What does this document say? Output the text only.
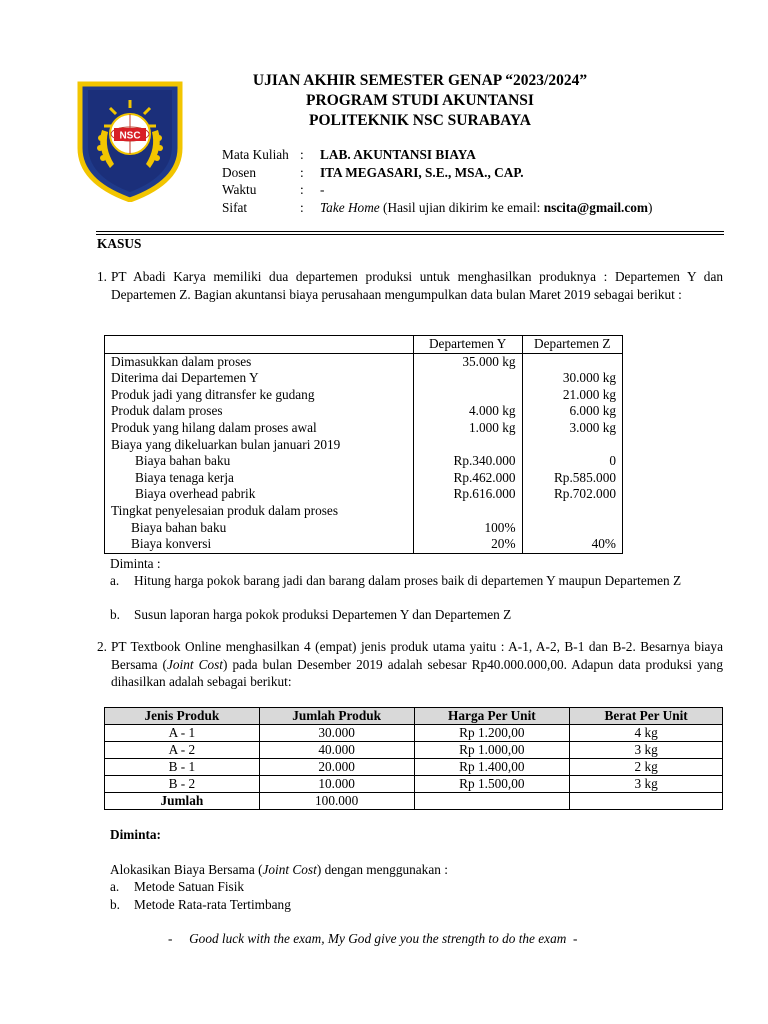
NSC
UJIAN AKHIR SEMESTER GENAP “2023/2024”
PROGRAM STUDI AKUNTANSI
POLITEKNIK NSC SURABAYA
Mata Kuliah : LAB. AKUNTANSI BIAYA
Dosen	: ITA MEGASARI, S.E., MSA., CAP.
Waktu	: -
Sifat	: Take Home (Hasil ujian dikirim ke email: nscita@gmail.com)
KASUS
1. PT Abadi Karya memiliki dua departemen produksi untuk menghasilkan produknya : Departemen Y dan Departemen Z. Bagian akuntansi biaya perusahaan mengumpulkan data bulan Maret 2019 sebagai berikut :
	Departemen Y	Departemen Z
Dimasukkan dalam proses	35.000 kg	
Diterima dai Departemen Y		30.000 kg
Produk jadi yang ditransfer ke gudang		21.000 kg
Produk dalam proses	4.000 kg	6.000 kg
Produk yang hilang dalam proses awal	1.000 kg	3.000 kg
Biaya yang dikeluarkan bulan januari 2019		
Biaya bahan baku	Rp.340.000	0
Biaya tenaga kerja	Rp.462.000	Rp.585.000
Biaya overhead pabrik	Rp.616.000	Rp.702.000
Tingkat penyelesaian produk dalam proses		
Biaya bahan baku	100%	
Biaya konversi	20%	40%
Diminta :
a. Hitung harga pokok barang jadi dan barang dalam proses baik di departemen Y maupun Departemen Z
b. Susun laporan harga pokok produksi Departemen Y dan Departemen Z
2. PT Textbook Online menghasilkan 4 (empat) jenis produk utama yaitu : A-1, A-2, B-1 dan B-2. Besarnya biaya Bersama (Joint Cost) pada bulan Desember 2019 adalah sebesar Rp40.000.000,00. Adapun data produksi yang dihasilkan adalah sebagai berikut:
Jenis Produk	Jumlah Produk	Harga Per Unit	Berat Per Unit
A - 1	30.000	Rp 1.200,00	4 kg
A - 2	40.000	Rp 1.000,00	3 kg
B - 1	20.000	Rp 1.400,00	2 kg
B - 2	10.000	Rp 1.500,00	3 kg
Jumlah	100.000		
Diminta:
Alokasikan Biaya Bersama (Joint Cost) dengan menggunakan :
a. Metode Satuan Fisik
b. Metode Rata-rata Tertimbang
- Good luck with the exam, My God give you the strength to do the exam -
